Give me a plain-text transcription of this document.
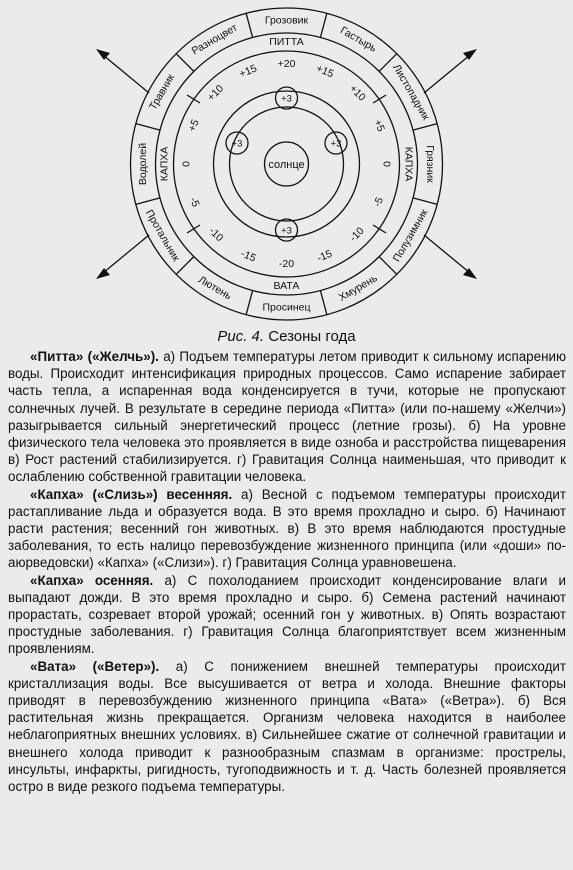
Грозовик
Гастырь
Листопадник
Грязник
Полузимник
Хмурень
Просинец
Лютень
Протальник
Водолей
Травник
Разноцвет	ПИТТА
КАПХА
ВАТА
КАПХА
+20 +15
+10
+5
0
-5
-10
-15
-20
-15
-10
-5
0
+5
+10
+15
+3
+3
+3
+3
солнце
Рис. 4. Сезоны года

«Питта» («Желчь»). а) Подъем температуры летом приводит к сильному испарению воды. Происходит интенсификация природных процессов. Само испарение забирает часть тепла, а испаренная вода конденсируется в тучи, которые не пропускают солнечных лучей. В результате в середине периода «Питта» (или по-нашему «Желчи») разыгрывается сильный энергетический процесс (летние грозы). б) На уровне физического тела человека это проявляется в виде озноба и расстройства пищеварения в) Рост растений стабилизируется. г) Гравитация Солнца наименьшая, что приводит к ослаблению собственной гравитации человека.

«Капха» («Слизь») весенняя. а) Весной с подъемом температуры происходит растапливание льда и образуется вода. В это время прохладно и сыро. б) Начинают расти растения; весенний гон животных. в) В это время наблюдаются простудные заболевания, то есть налицо перевозбуждение жизненного принципа (или «доши» по-аюрведовски) «Капха» («Слизи»). г) Гравитация Солнца уравновешена.

«Капха» осенняя. а) С похолоданием происходит конденсирование влаги и выпадают дожди. В это время прохладно и сыро. б) Семена растений начинают прорастать, созревает второй урожай; осенний гон у животных. в) Опять возрастают простудные заболевания. г) Гравитация Солнца благоприятствует всем жизненным проявлениям.

«Вата» («Ветер»). а) С понижением внешней температуры происходит кристаллизация воды. Все высушивается от ветра и холода. Внешние факторы приводят в перевозбуждению жизненного принципа «Вата» («Ветра»). б) Вся растительная жизнь прекращается. Организм человека находится в наиболее неблагоприятных внешних условиях. в) Сильнейшее сжатие от солнечной гравитации и внешнего холода приводит к разнообразным спазмам в организме: прострелы, инсульты, инфаркты, ригидность, тугоподвижность и т. д. Часть болезней проявляется остро в виде резкого подъема температуры.
